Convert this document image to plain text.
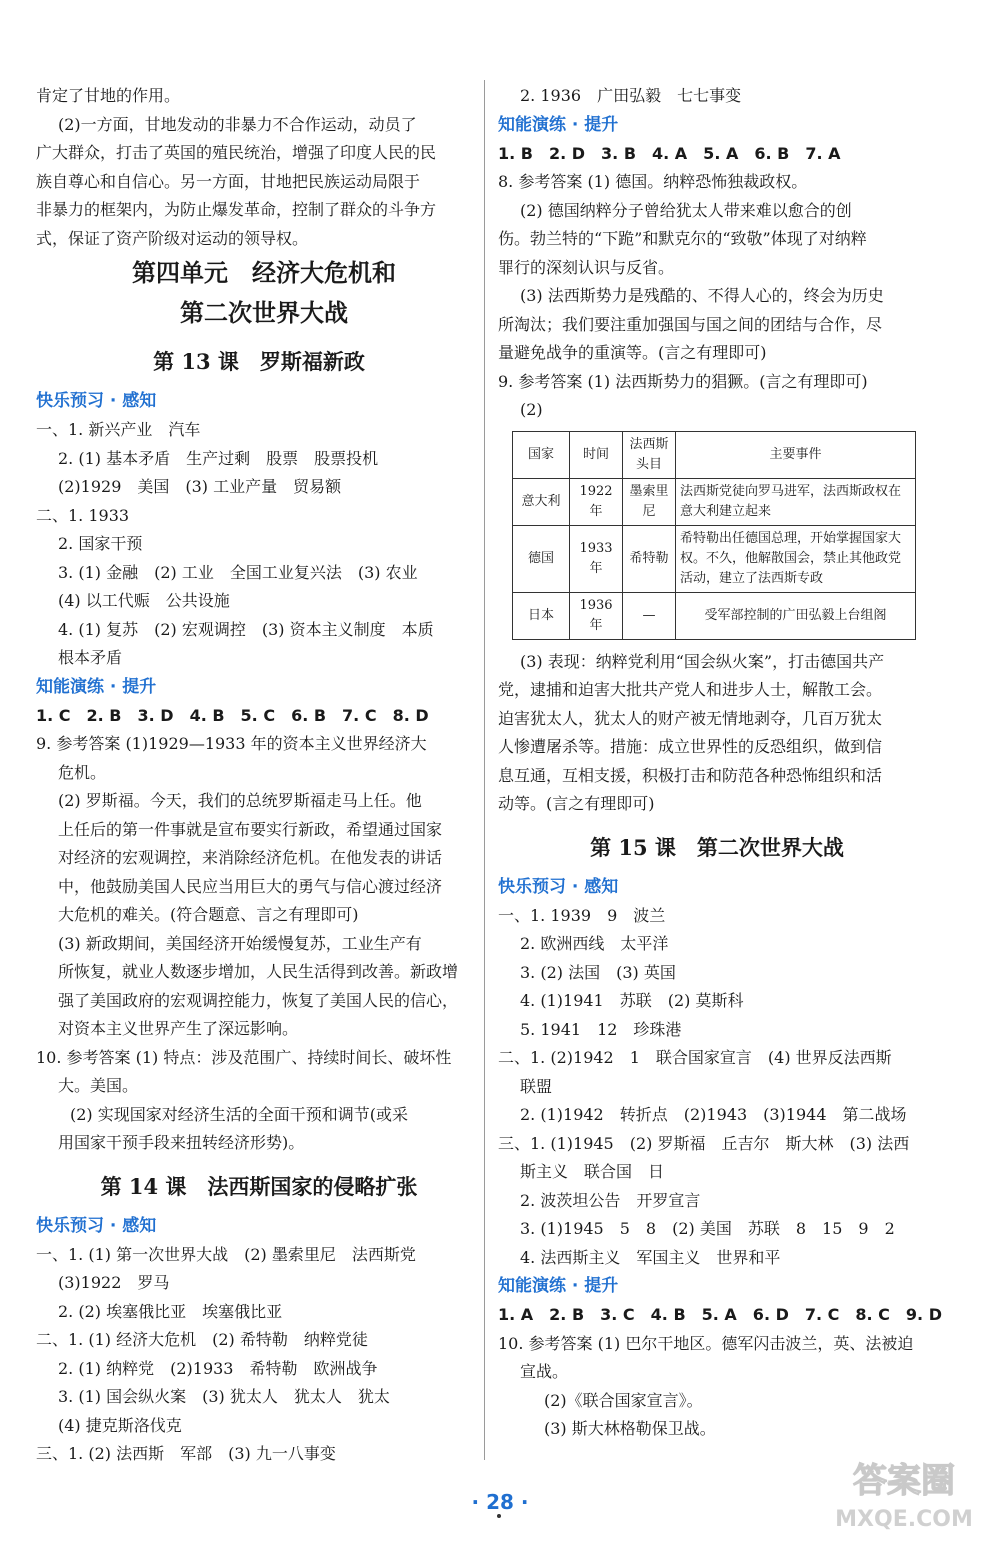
肯定了甘地的作用。
(2)一方面，甘地发动的非暴力不合作运动，动员了
广大群众，打击了英国的殖民统治，增强了印度人民的民
族自尊心和自信心。另一方面，甘地把民族运动局限于
非暴力的框架内，为防止爆发革命，控制了群众的斗争方
式，保证了资产阶级对运动的领导权。
第四单元　经济大危机和
第二次世界大战
第 13 课　罗斯福新政
快乐预习 · 感知
一、1. 新兴产业　汽车
2. (1) 基本矛盾　生产过剩　股票　股票投机
(2)1929　美国　(3) 工业产量　贸易额
二、1. 1933
2. 国家干预
3. (1) 金融　(2) 工业　全国工业复兴法　(3) 农业
(4) 以工代赈　公共设施
4. (1) 复苏　(2) 宏观调控　(3) 资本主义制度　本质
根本矛盾
知能演练 · 提升
1. C　2. B　3. D　4. B　5. C　6. B　7. C　8. D
9. 参考答案 (1)1929—1933 年的资本主义世界经济大
危机。
(2) 罗斯福。今天，我们的总统罗斯福走马上任。他
上任后的第一件事就是宣布要实行新政，希望通过国家
对经济的宏观调控，来消除经济危机。在他发表的讲话
中，他鼓励美国人民应当用巨大的勇气与信心渡过经济
大危机的难关。(符合题意、言之有理即可)
(3) 新政期间，美国经济开始缓慢复苏，工业生产有
所恢复，就业人数逐步增加，人民生活得到改善。新政增
强了美国政府的宏观调控能力，恢复了美国人民的信心，
对资本主义世界产生了深远影响。
10. 参考答案 (1) 特点：涉及范围广、持续时间长、破坏性
大。美国。
(2) 实现国家对经济生活的全面干预和调节(或采
用国家干预手段来扭转经济形势)。
第 14 课　法西斯国家的侵略扩张
快乐预习 · 感知
一、1. (1) 第一次世界大战　(2) 墨索里尼　法西斯党
(3)1922　罗马
2. (2) 埃塞俄比亚　埃塞俄比亚
二、1. (1) 经济大危机　(2) 希特勒　纳粹党徒
2. (1) 纳粹党　(2)1933　希特勒　欧洲战争
3. (1) 国会纵火案　(3) 犹太人　犹太人　犹太
(4) 捷克斯洛伐克
三、1. (2) 法西斯　军部　(3) 九一八事变
2. 1936　广田弘毅　七七事变
知能演练 · 提升
1. B　2. D　3. B　4. A　5. A　6. B　7. A
8. 参考答案 (1) 德国。纳粹恐怖独裁政权。
(2) 德国纳粹分子曾给犹太人带来难以愈合的创
伤。勃兰特的“下跪”和默克尔的“致敬”体现了对纳粹
罪行的深刻认识与反省。
(3) 法西斯势力是残酷的、不得人心的，终会为历史
所淘汰；我们要注重加强国与国之间的团结与合作，尽
量避免战争的重演等。(言之有理即可)
9. 参考答案 (1) 法西斯势力的猖獗。(言之有理即可)
(2)
国家	时间	法西斯头目	主要事件
意大利	1922 年	墨索里尼	法西斯党徒向罗马进军，法西斯政权在意大利建立起来
德国	1933 年	希特勒	希特勒出任德国总理，开始掌握国家大权。不久，他解散国会，禁止其他政党活动，建立了法西斯专政
日本	1936 年	—	受军部控制的广田弘毅上台组阁
(3) 表现：纳粹党利用“国会纵火案”，打击德国共产
党，逮捕和迫害大批共产党人和进步人士，解散工会。
迫害犹太人，犹太人的财产被无情地剥夺，几百万犹太
人惨遭屠杀等。措施：成立世界性的反恐组织，做到信
息互通，互相支援，积极打击和防范各种恐怖组织和活
动等。(言之有理即可)
第 15 课　第二次世界大战
快乐预习 · 感知
一、1. 1939　9　波兰
2. 欧洲西线　太平洋
3. (2) 法国　(3) 英国
4. (1)1941　苏联　(2) 莫斯科
5. 1941　12　珍珠港
二、1. (2)1942　1　联合国家宣言　(4) 世界反法西斯
联盟
2. (1)1942　转折点　(2)1943　(3)1944　第二战场
三、1. (1)1945　(2) 罗斯福　丘吉尔　斯大林　(3) 法西
斯主义　联合国　日
2. 波茨坦公告　开罗宣言
3. (1)1945　5　8　(2) 美国　苏联　8　15　9　2
4. 法西斯主义　军国主义　世界和平
知能演练 · 提升
1. A　2. B　3. C　4. B　5. A　6. D　7. C　8. C　9. D
10. 参考答案 (1) 巴尔干地区。德军闪击波兰，英、法被迫
宣战。
(2)《联合国家宣言》。
(3) 斯大林格勒保卫战。
· 28 ·
答案圈
MXQE.COM
